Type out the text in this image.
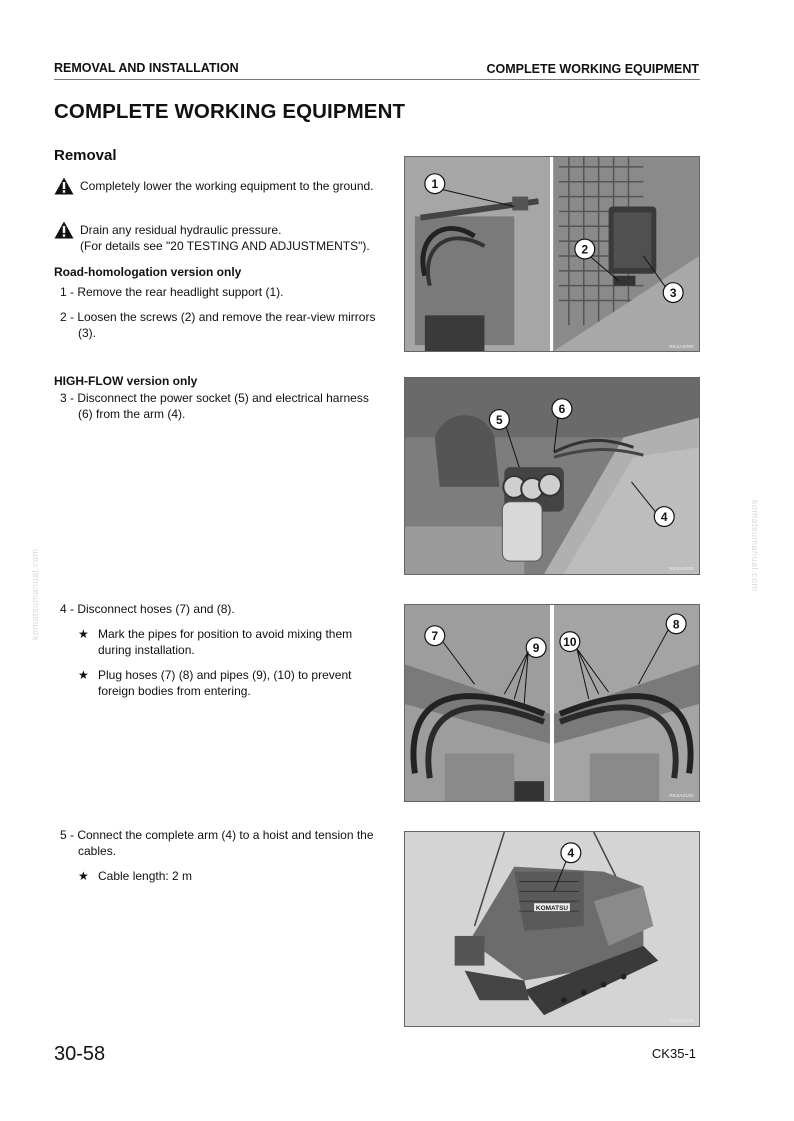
REMOVAL AND INSTALLATION	COMPLETE WORKING EQUIPMENT
COMPLETE WORKING EQUIPMENT
Removal
Completely lower the working equipment to the ground.
Drain any residual hydraulic pressure.
(For details see "20 TESTING AND ADJUSTMENTS").
Road-homologation version only
1 - Remove the rear headlight support (1).
2 - Loosen the screws (2) and remove the rear-view mirrors
(3).
HIGH-FLOW version only
3 - Disconnect the power socket (5) and electrical harness
(6) from the arm (4).
4 - Disconnect hoses (7) and (8).
★ Mark the pipes for position to avoid mixing them
during installation.
★ Plug hoses (7) (8) and pipes (9), (10) to prevent
foreign bodies from entering.
5 - Connect the complete arm (4) to a hoist and tension the
cables.
★ Cable length: 2 m
1
2
3
RKSA2080
5
6
4
RKSA2090
7
9 10
8
RKSA2100
KOMATSU
4
RKSA2110
komatsumanual.com
komatsumanual.com
30-58	CK35-1
